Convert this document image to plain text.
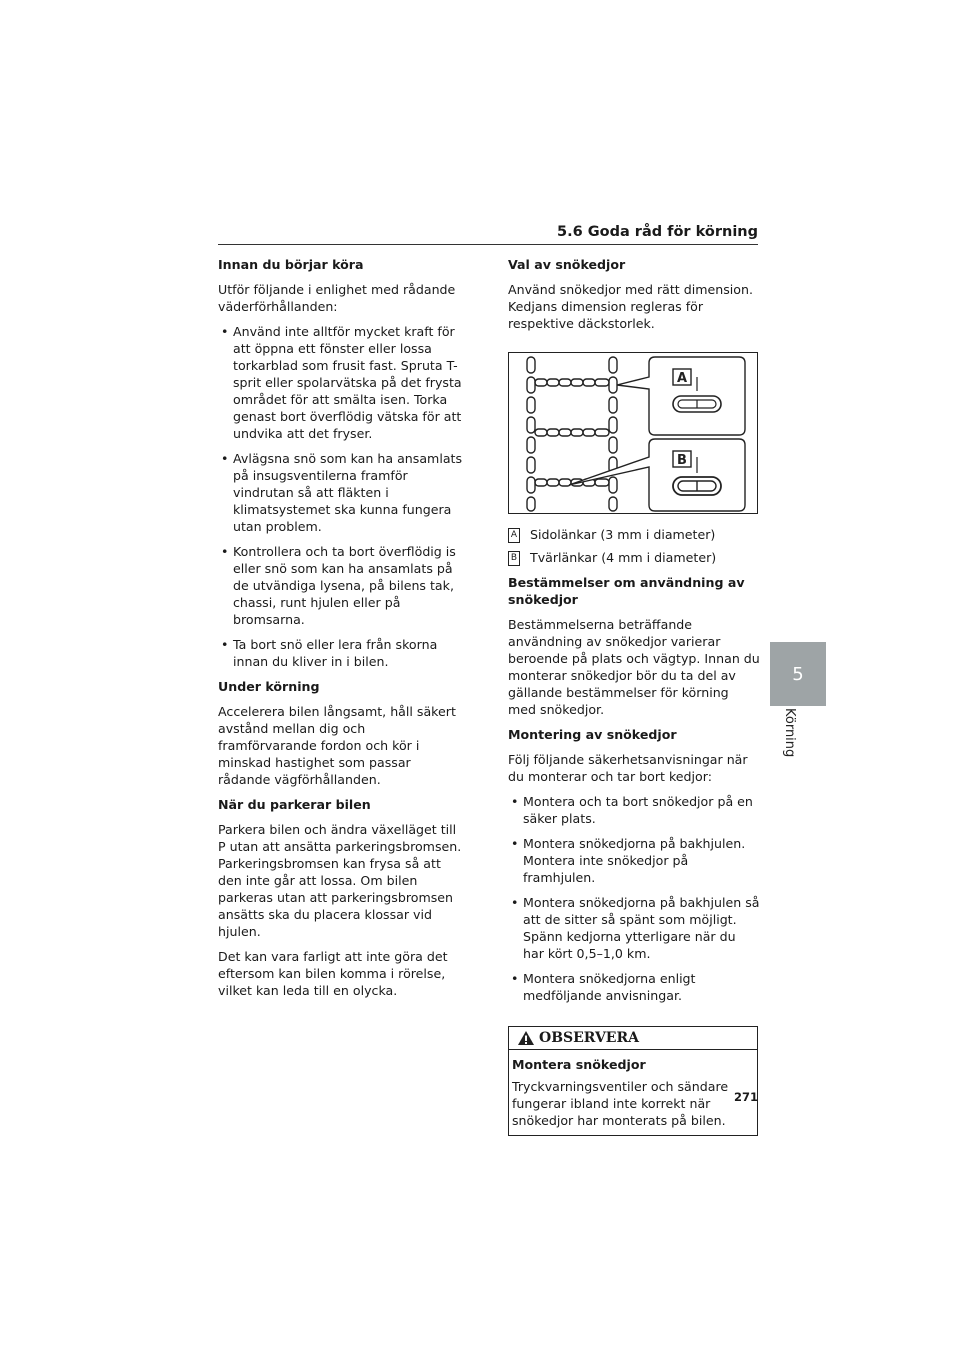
5.6 Goda råd för körning
Innan du börjar köra

Utför följande i enlighet med rådande väderförhållanden:

• Använd inte alltför mycket kraft för att öppna ett fönster eller lossa torkarblad som frusit fast. Spruta T-sprit eller spolarvätska på det frysta området för att smälta isen. Torka genast bort överflödig vätska för att undvika att det fryser.
• Avlägsna snö som kan ha ansamlats på insugsventilerna framför vindrutan så att fläkten i klimatsystemet ska kunna fungera utan problem.
• Kontrollera och ta bort överflödig is eller snö som kan ha ansamlats på de utvändiga lysena, på bilens tak, chassi, runt hjulen eller på bromsarna.
• Ta bort snö eller lera från skorna innan du kliver in i bilen.
Under körning

Accelerera bilen långsamt, håll säkert avstånd mellan dig och framförvarande fordon och kör i minskad hastighet som passar rådande vägförhållanden.

När du parkerar bilen

Parkera bilen och ändra växelläget till P utan att ansätta parkeringsbromsen. Parkeringsbromsen kan frysa så att den inte går att lossa. Om bilen parkeras utan att parkeringsbromsen ansätts ska du placera klossar vid hjulen.

Det kan vara farligt att inte göra det eftersom kan bilen komma i rörelse, vilket kan leda till en olycka.

Val av snökedjor

Använd snökedjor med rätt dimension. Kedjans dimension regleras för respektive däckstorlek.

A
B
A Sidolänkar (3 mm i diameter)
B Tvärlänkar (4 mm i diameter)
Bestämmelser om användning av snökedjor

Bestämmelserna beträffande användning av snökedjor varierar beroende på plats och vägtyp. Innan du monterar snökedjor bör du ta del av gällande bestämmelser för körning med snökedjor.

Montering av snökedjor

Följ följande säkerhetsanvisningar när du monterar och tar bort kedjor:

• Montera och ta bort snökedjor på en säker plats.
• Montera snökedjorna på bakhjulen. Montera inte snökedjor på framhjulen.
• Montera snökedjorna på bakhjulen så att de sitter så spänt som möjligt. Spänn kedjorna ytterligare när du har kört 0,5–1,0 km.
• Montera snökedjorna enligt medföljande anvisningar.
OBSERVERA
Montera snökedjor

Tryckvarningsventiler och sändare fungerar ibland inte korrekt när snökedjor har monterats på bilen.

5
Körning
271
